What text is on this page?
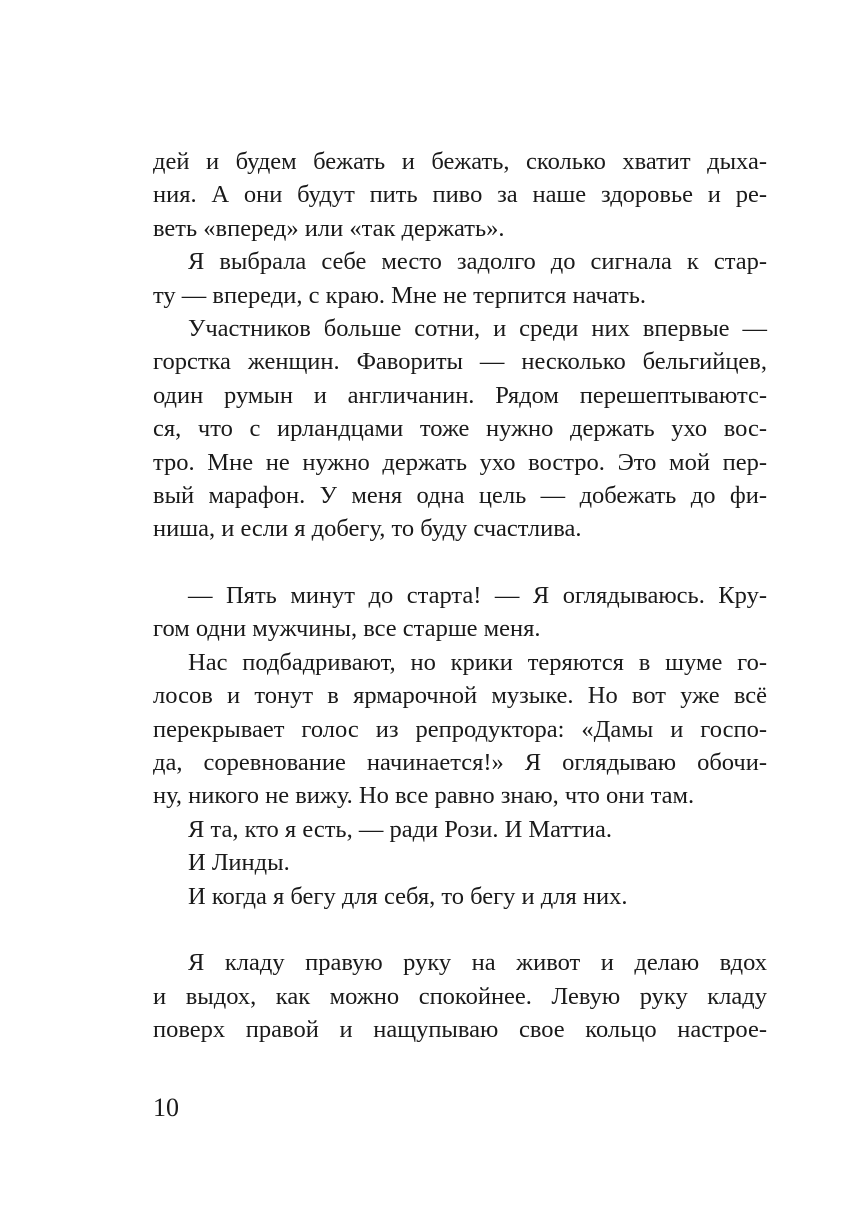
дей и будем бежать и бежать, сколько хватит дыха-
ния. А они будут пить пиво за наше здоровье и ре-
веть «вперед» или «так держать».
Я выбрала себе место задолго до сигнала к стар-
ту — впереди, с краю. Мне не терпится начать.
Участников больше сотни, и среди них впервые —
горстка женщин. Фавориты — несколько бельгийцев,
один румын и англичанин. Рядом перешептываютс-
ся, что с ирландцами тоже нужно держать ухо вос-
тро. Мне не нужно держать ухо востро. Это мой пер-
вый марафон. У меня одна цель — добежать до фи-
ниша, и если я добегу, то буду счастлива.
— Пять минут до старта! — Я оглядываюсь. Кру-
гом одни мужчины, все старше меня.
Нас подбадривают, но крики теряются в шуме го-
лосов и тонут в ярмарочной музыке. Но вот уже всё
перекрывает голос из репродуктора: «Дамы и госпо-
да, соревнование начинается!» Я оглядываю обочи-
ну, никого не вижу. Но все равно знаю, что они там.
Я та, кто я есть, — ради Рози. И Маттиа.
И Линды.
И когда я бегу для себя, то бегу и для них.
Я кладу правую руку на живот и делаю вдох
и выдох, как можно спокойнее. Левую руку кладу
поверх правой и нащупываю свое кольцо настрое-
10
